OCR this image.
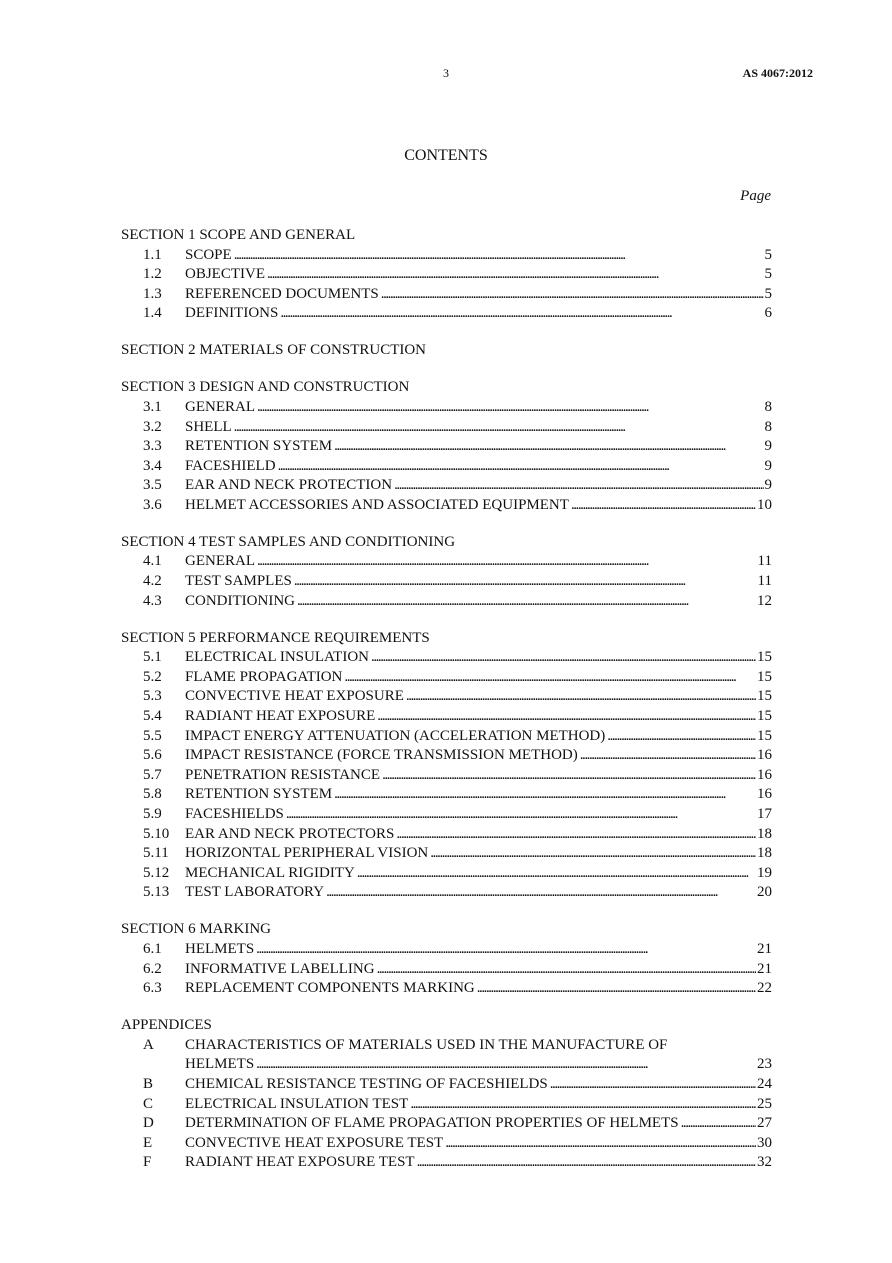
3	AS 4067:2012
CONTENTS
Page
SECTION 1 SCOPE AND GENERAL
1.1	SCOPE . . .	5
1.2	OBJECTIVE . . .	5
1.3	REFERENCED DOCUMENTS . . .	5
1.4	DEFINITIONS . . .	6
SECTION 2 MATERIALS OF CONSTRUCTION
SECTION 3 DESIGN AND CONSTRUCTION
3.1	GENERAL . . .	8
3.2	SHELL . . .	8
3.3	RETENTION SYSTEM . . .	9
3.4	FACESHIELD . . .	9
3.5	EAR AND NECK PROTECTION . . .	9
3.6	HELMET ACCESSORIES AND ASSOCIATED EQUIPMENT . . .	10
SECTION 4 TEST SAMPLES AND CONDITIONING
4.1	GENERAL . . .	11
4.2	TEST SAMPLES . . .	11
4.3	CONDITIONING . . .	12
SECTION 5 PERFORMANCE REQUIREMENTS
5.1	ELECTRICAL INSULATION . . .	15
5.2	FLAME PROPAGATION . . .	15
5.3	CONVECTIVE HEAT EXPOSURE . . .	15
5.4	RADIANT HEAT EXPOSURE . . .	15
5.5	IMPACT ENERGY ATTENUATION (ACCELERATION METHOD) . . .	15
5.6	IMPACT RESISTANCE (FORCE TRANSMISSION METHOD) . . .	16
5.7	PENETRATION RESISTANCE . . .	16
5.8	RETENTION SYSTEM . . .	16
5.9	FACESHIELDS . . .	17
5.10	EAR AND NECK PROTECTORS . . .	18
5.11	HORIZONTAL PERIPHERAL VISION . . .	18
5.12	MECHANICAL RIGIDITY . . .	19
5.13	TEST LABORATORY . . .	20
SECTION 6 MARKING
6.1	HELMETS . . .	21
6.2	INFORMATIVE LABELLING . . .	21
6.3	REPLACEMENT COMPONENTS MARKING . . .	22
APPENDICES
A	CHARACTERISTICS OF MATERIALS USED IN THE MANUFACTURE OF
HELMETS . . .	23
B	CHEMICAL RESISTANCE TESTING OF FACESHIELDS . . .	24
C	ELECTRICAL INSULATION TEST . . .	25
D	DETERMINATION OF FLAME PROPAGATION PROPERTIES OF HELMETS . . .	27
E	CONVECTIVE HEAT EXPOSURE TEST . . .	30
F	RADIANT HEAT EXPOSURE TEST . . .	32
